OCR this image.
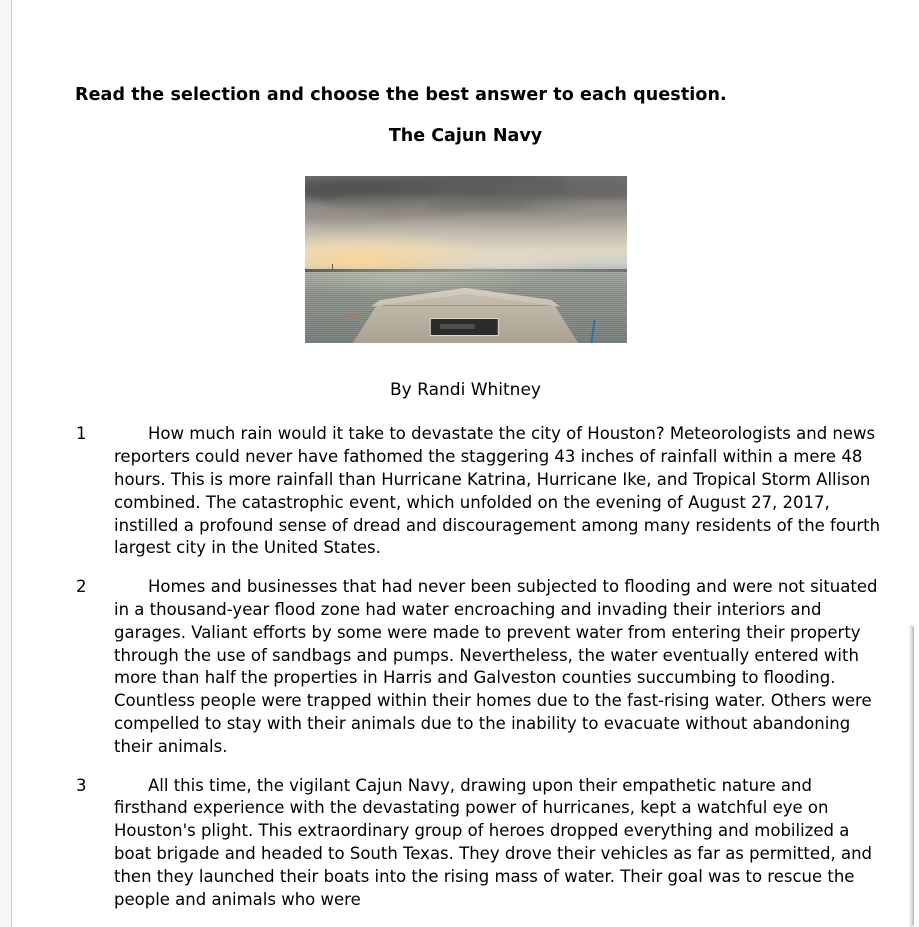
Read the selection and choose the best answer to each question.

The Cajun Navy

By Randi Whitney

1	How much rain would it take to devastate the city of Houston? Meteorologists and news reporters could never have fathomed the staggering 43 inches of rainfall within a mere 48 hours. This is more rainfall than Hurricane Katrina, Hurricane Ike, and Tropical Storm Allison combined. The catastrophic event, which unfolded on the evening of August 27, 2017, instilled a profound sense of dread and discouragement among many residents of the fourth largest city in the United States.
2	Homes and businesses that had never been subjected to flooding and were not situated in a thousand-year flood zone had water encroaching and invading their interiors and garages. Valiant efforts by some were made to prevent water from entering their property through the use of sandbags and pumps. Nevertheless, the water eventually entered with more than half the properties in Harris and Galveston counties succumbing to flooding. Countless people were trapped within their homes due to the fast-rising water. Others were compelled to stay with their animals due to the inability to evacuate without abandoning their animals.
3	All this time, the vigilant Cajun Navy, drawing upon their empathetic nature and firsthand experience with the devastating power of hurricanes, kept a watchful eye on Houston's plight. This extraordinary group of heroes dropped everything and mobilized a boat brigade and headed to South Texas. They drove their vehicles as far as permitted, and then they launched their boats into the rising mass of water. Their goal was to rescue the people and animals who were
